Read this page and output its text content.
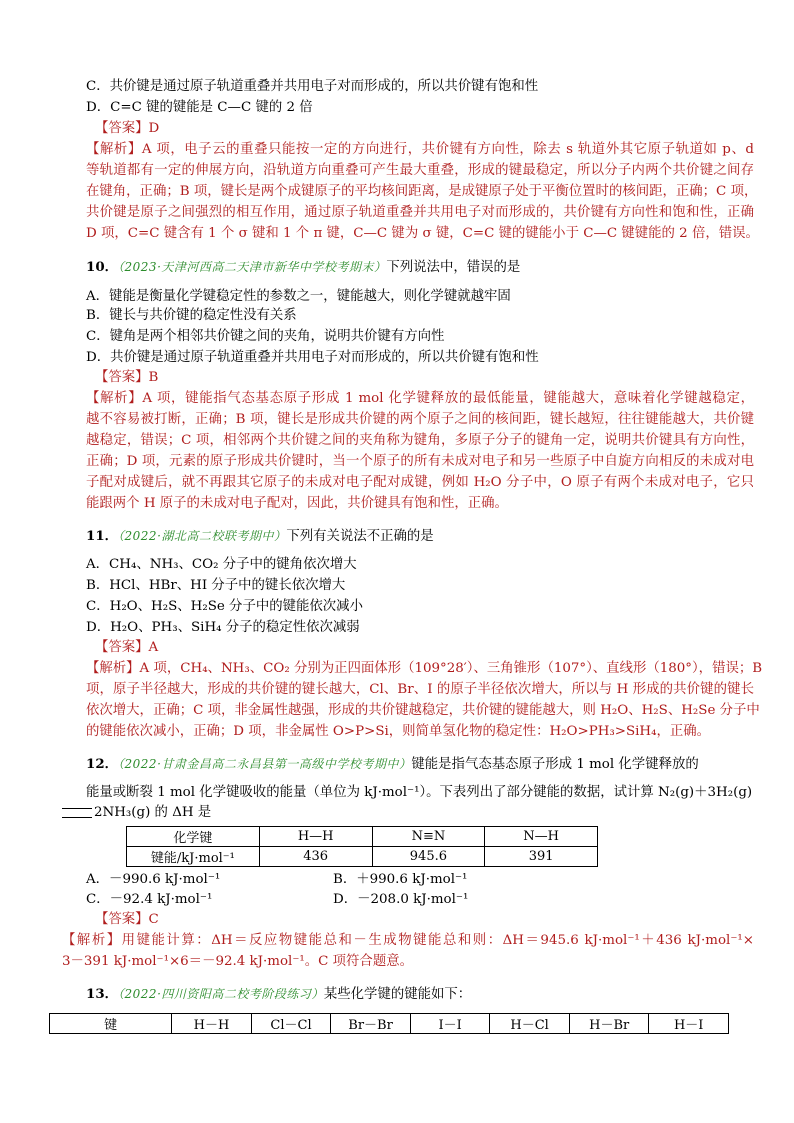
C．共价键是通过原子轨道重叠并共用电子对而形成的，所以共价键有饱和性
D．C=C 键的键能是 C—C 键的 2 倍
【答案】D
【解析】A 项，电子云的重叠只能按一定的方向进行，共价键有方向性，除去 s 轨道外其它原子轨道如 p、d
等轨道都有一定的伸展方向，沿轨道方向重叠可产生最大重叠，形成的键最稳定，所以分子内两个共价键之间存
在键角，正确；B 项，键长是两个成键原子的平均核间距离，是成键原子处于平衡位置时的核间距，正确；C 项，
共价键是原子之间强烈的相互作用，通过原子轨道重叠并共用电子对而形成的，共价键有方向性和饱和性，正确
D 项，C=C 键含有 1 个 σ 键和 1 个 π 键，C—C 键为 σ 键，C=C 键的键能小于 C—C 键键能的 2 倍，错误。
10．（2023·天津河西高二天津市新华中学校考期末）下列说法中，错误的是
A．键能是衡量化学键稳定性的参数之一，键能越大，则化学键就越牢固
B．键长与共价键的稳定性没有关系
C．键角是两个相邻共价键之间的夹角，说明共价键有方向性
D．共价键是通过原子轨道重叠并共用电子对而形成的，所以共价键有饱和性
【答案】B
【解析】A 项，键能指气态基态原子形成 1 mol 化学键释放的最低能量，键能越大，意味着化学键越稳定，
越不容易被打断，正确；B 项，键长是形成共价键的两个原子之间的核间距，键长越短，往往键能越大，共价键
越稳定，错误；C 项，相邻两个共价键之间的夹角称为键角，多原子分子的键角一定，说明共价键具有方向性，
正确；D 项，元素的原子形成共价键时，当一个原子的所有未成对电子和另一些原子中自旋方向相反的未成对电
子配对成键后，就不再跟其它原子的未成对电子配对成键，例如 H₂O 分子中，O 原子有两个未成对电子，它只
能跟两个 H 原子的未成对电子配对，因此，共价键具有饱和性，正确。
11．（2022·湖北高二校联考期中）下列有关说法不正确的是
A．CH₄、NH₃、CO₂ 分子中的键角依次增大
B．HCl、HBr、HI 分子中的键长依次增大
C．H₂O、H₂S、H₂Se 分子中的键能依次减小
D．H₂O、PH₃、SiH₄ 分子的稳定性依次减弱
【答案】A
【解析】A 项，CH₄、NH₃、CO₂ 分别为正四面体形（109°28′）、三角锥形（107°）、直线形（180°），错误；B
项，原子半径越大，形成的共价键的键长越大，Cl、Br、I 的原子半径依次增大，所以与 H 形成的共价键的键长
依次增大，正确；C 项，非金属性越强，形成的共价键越稳定，共价键的键能越大，则 H₂O、H₂S、H₂Se 分子中
的键能依次减小，正确；D 项，非金属性 O>P>Si，则简单氢化物的稳定性：H₂O>PH₃>SiH₄，正确。
12．（2022·甘肃金昌高二永昌县第一高级中学校考期中）键能是指气态基态原子形成 1 mol 化学键释放的
能量或断裂 1 mol 化学键吸收的能量（单位为 kJ·mol⁻¹）。下表列出了部分键能的数据，试计算 N₂(g)＋3H₂(g)
2NH₃(g) 的 ΔH 是
化学键	H—H	N≡N	N—H
键能/kJ·mol⁻¹	436	945.6	391
A．－990.6 kJ·mol⁻¹	B．＋990.6 kJ·mol⁻¹
C．－92.4 kJ·mol⁻¹	D．－208.0 kJ·mol⁻¹
【答案】C
【解析】用键能计算：ΔH＝反应物键能总和－生成物键能总和则：ΔH＝945.6 kJ·mol⁻¹＋436 kJ·mol⁻¹×
3－391 kJ·mol⁻¹×6＝－92.4 kJ·mol⁻¹。C 项符合题意。
13．（2022·四川资阳高二校考阶段练习）某些化学键的键能如下：
键	H－H	Cl－Cl	Br－Br	I－I	H－Cl	H－Br	H－I
